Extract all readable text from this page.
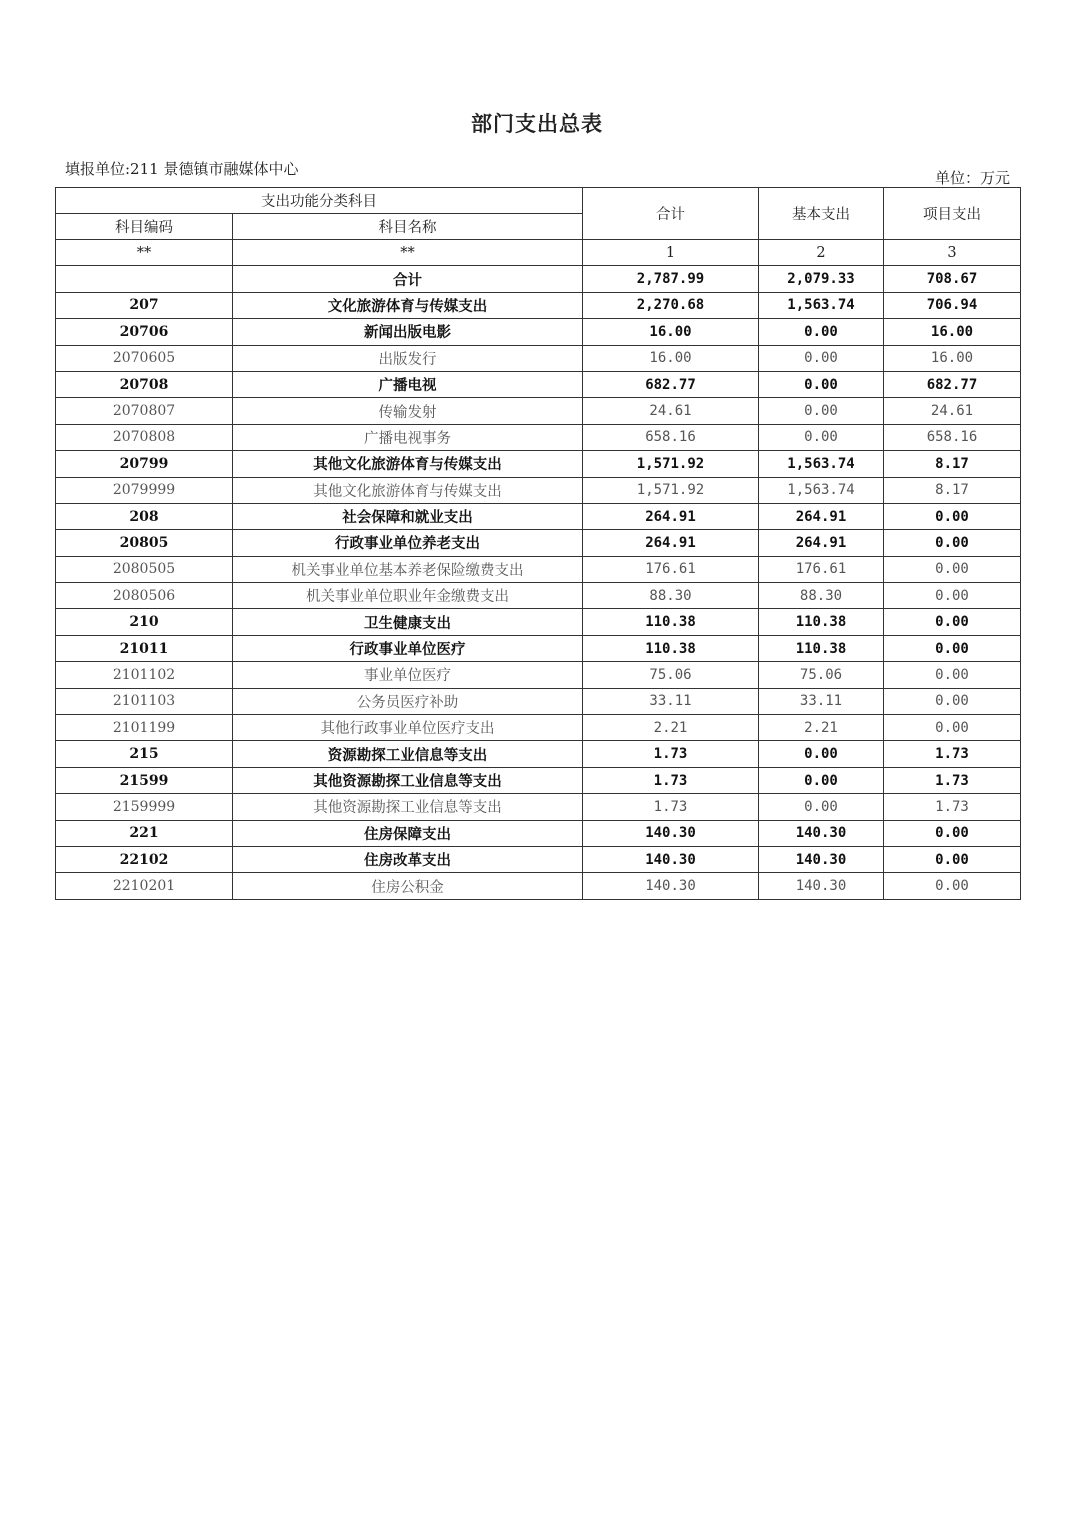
部门支出总表
填报单位:211 景德镇市融媒体中心	单位：万元
支出功能分类科目		合计	基本支出	项目支出
科目编码	科目名称			
**	**	1	2	3
	合计	2,787.99	2,079.33	708.67
207	文化旅游体育与传媒支出	2,270.68	1,563.74	706.94
20706	新闻出版电影	16.00	0.00	16.00
2070605	出版发行	16.00	0.00	16.00
20708	广播电视	682.77	0.00	682.77
2070807	传输发射	24.61	0.00	24.61
2070808	广播电视事务	658.16	0.00	658.16
20799	其他文化旅游体育与传媒支出	1,571.92	1,563.74	8.17
2079999	其他文化旅游体育与传媒支出	1,571.92	1,563.74	8.17
208	社会保障和就业支出	264.91	264.91	0.00
20805	行政事业单位养老支出	264.91	264.91	0.00
2080505	机关事业单位基本养老保险缴费支出	176.61	176.61	0.00
2080506	机关事业单位职业年金缴费支出	88.30	88.30	0.00
210	卫生健康支出	110.38	110.38	0.00
21011	行政事业单位医疗	110.38	110.38	0.00
2101102	事业单位医疗	75.06	75.06	0.00
2101103	公务员医疗补助	33.11	33.11	0.00
2101199	其他行政事业单位医疗支出	2.21	2.21	0.00
215	资源勘探工业信息等支出	1.73	0.00	1.73
21599	其他资源勘探工业信息等支出	1.73	0.00	1.73
2159999	其他资源勘探工业信息等支出	1.73	0.00	1.73
221	住房保障支出	140.30	140.30	0.00
22102	住房改革支出	140.30	140.30	0.00
2210201	住房公积金	140.30	140.30	0.00
